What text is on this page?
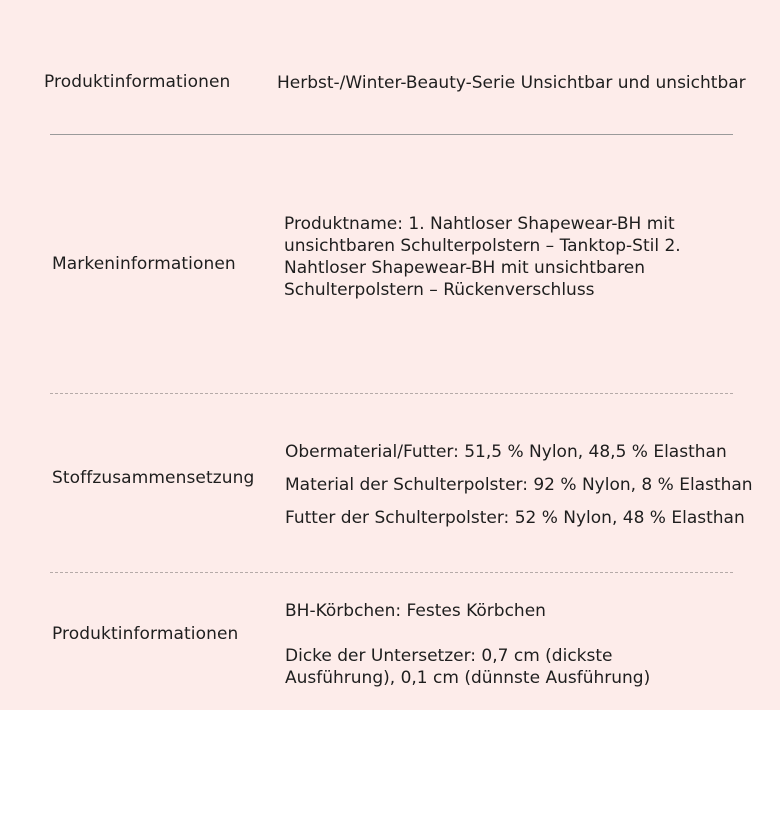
Produktinformationen	Herbst-/Winter-Beauty-Serie Unsichtbar und unsichtbar
Markeninformationen
Produktname: 1. Nahtloser Shapewear-BH mit
unsichtbaren Schulterpolstern – Tanktop-Stil 2.
Nahtloser Shapewear-BH mit unsichtbaren
Schulterpolstern – Rückenverschluss
Stoffzusammensetzung
Obermaterial/Futter: 51,5 % Nylon, 48,5 % Elasthan
Material der Schulterpolster: 92 % Nylon, 8 % Elasthan
Futter der Schulterpolster: 52 % Nylon, 48 % Elasthan
Produktinformationen
BH-Körbchen: Festes Körbchen
Dicke der Untersetzer: 0,7 cm (dickste
Ausführung), 0,1 cm (dünnste Ausführung)
